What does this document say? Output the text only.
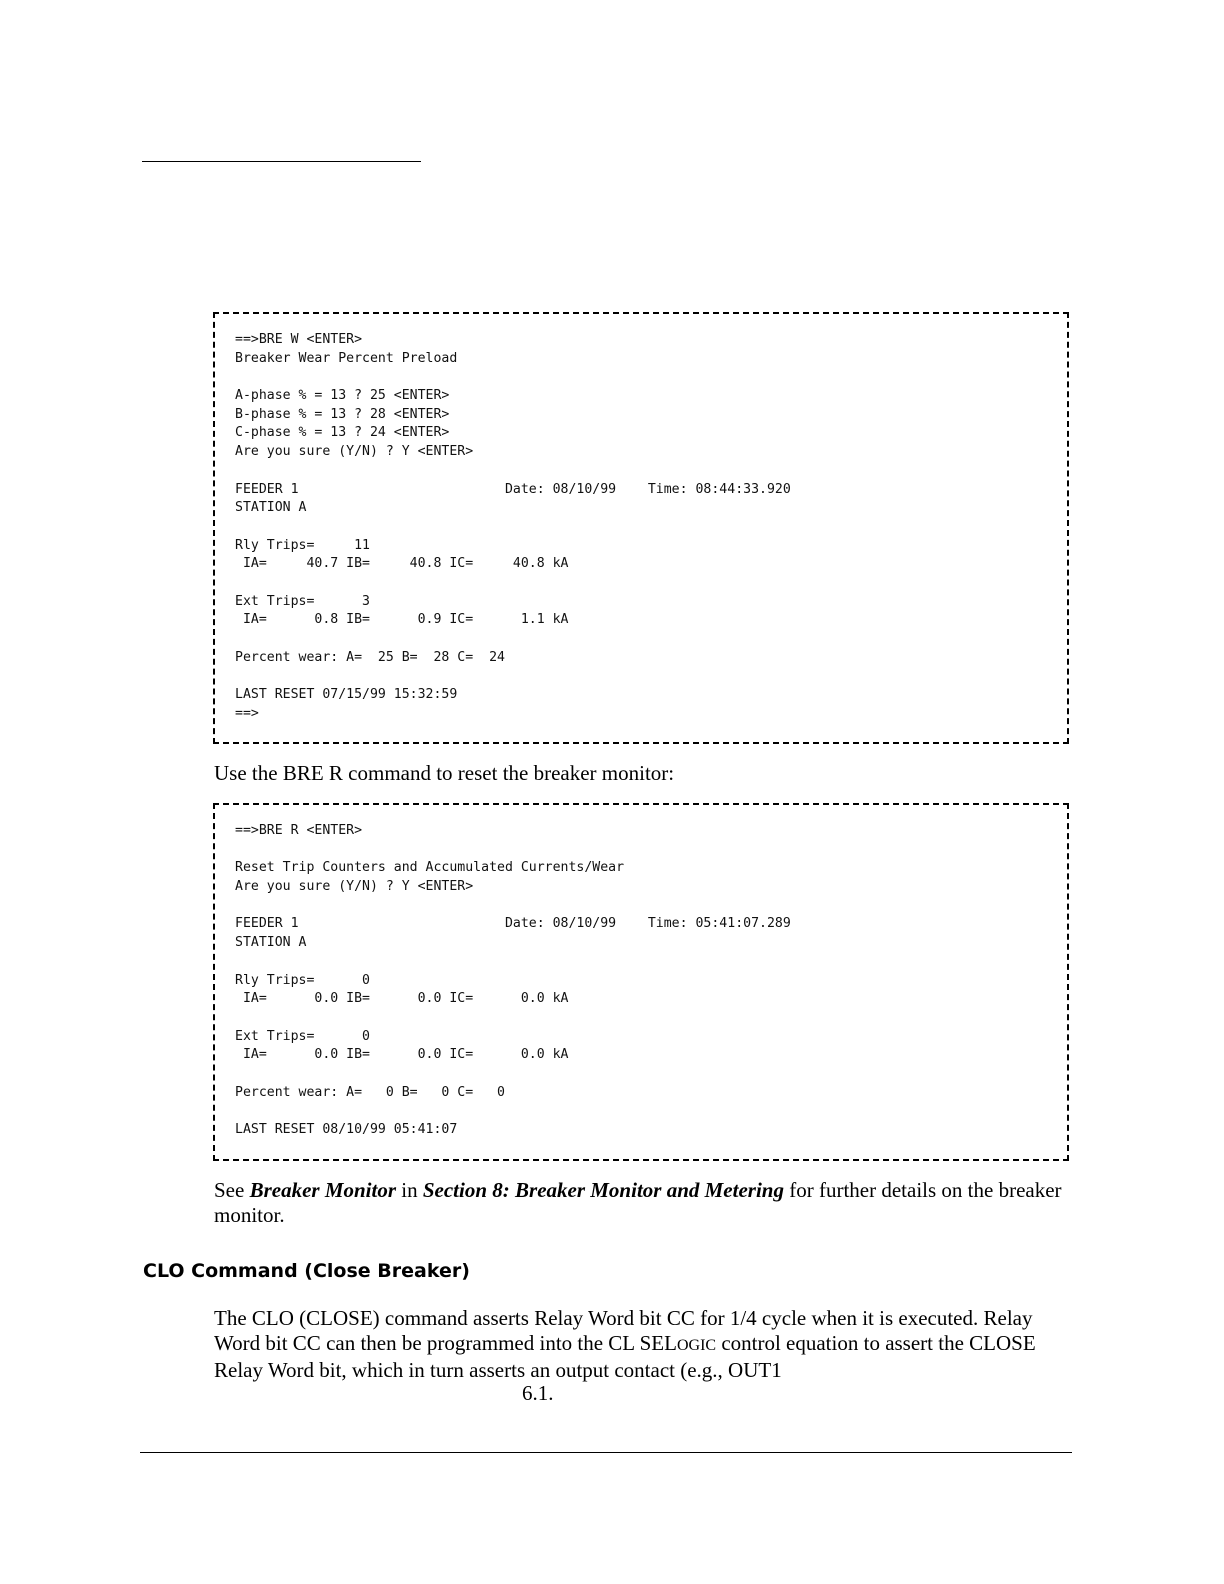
==>BRE W <ENTER>
Breaker Wear Percent Preload
A-phase % = 13 ? 25 <ENTER>
B-phase % = 13 ? 28 <ENTER>
C-phase % = 13 ? 24 <ENTER>
Are you sure (Y/N) ? Y <ENTER>
FEEDER 1                          Date: 08/10/99    Time: 08:44:33.920
STATION A
Rly Trips=     11
IA=     40.7 IB=     40.8 IC=     40.8 kA
Ext Trips=      3
IA=      0.8 IB=      0.9 IC=      1.1 kA
Percent wear: A=  25 B=  28 C=  24
LAST RESET 07/15/99 15:32:59
==>
Use the BRE R command to reset the breaker monitor:
==>BRE R <ENTER>
Reset Trip Counters and Accumulated Currents/Wear
Are you sure (Y/N) ? Y <ENTER>
FEEDER 1                          Date: 08/10/99    Time: 05:41:07.289
STATION A
Rly Trips=      0
IA=      0.0 IB=      0.0 IC=      0.0 kA
Ext Trips=      0
IA=      0.0 IB=      0.0 IC=      0.0 kA
Percent wear: A=   0 B=   0 C=   0
LAST RESET 08/10/99 05:41:07
See Breaker Monitor in Section 8: Breaker Monitor and Metering for further details on the breaker monitor.
CLO Command (Close Breaker)
The CLO (CLOSE) command asserts Relay Word bit CC for 1/4 cycle when it is executed. Relay Word bit CC can then be programmed into the CL SELOGIC control equation to assert the CLOSE Relay Word bit, which in turn asserts an output contact (e.g., OUT1
6.1.
